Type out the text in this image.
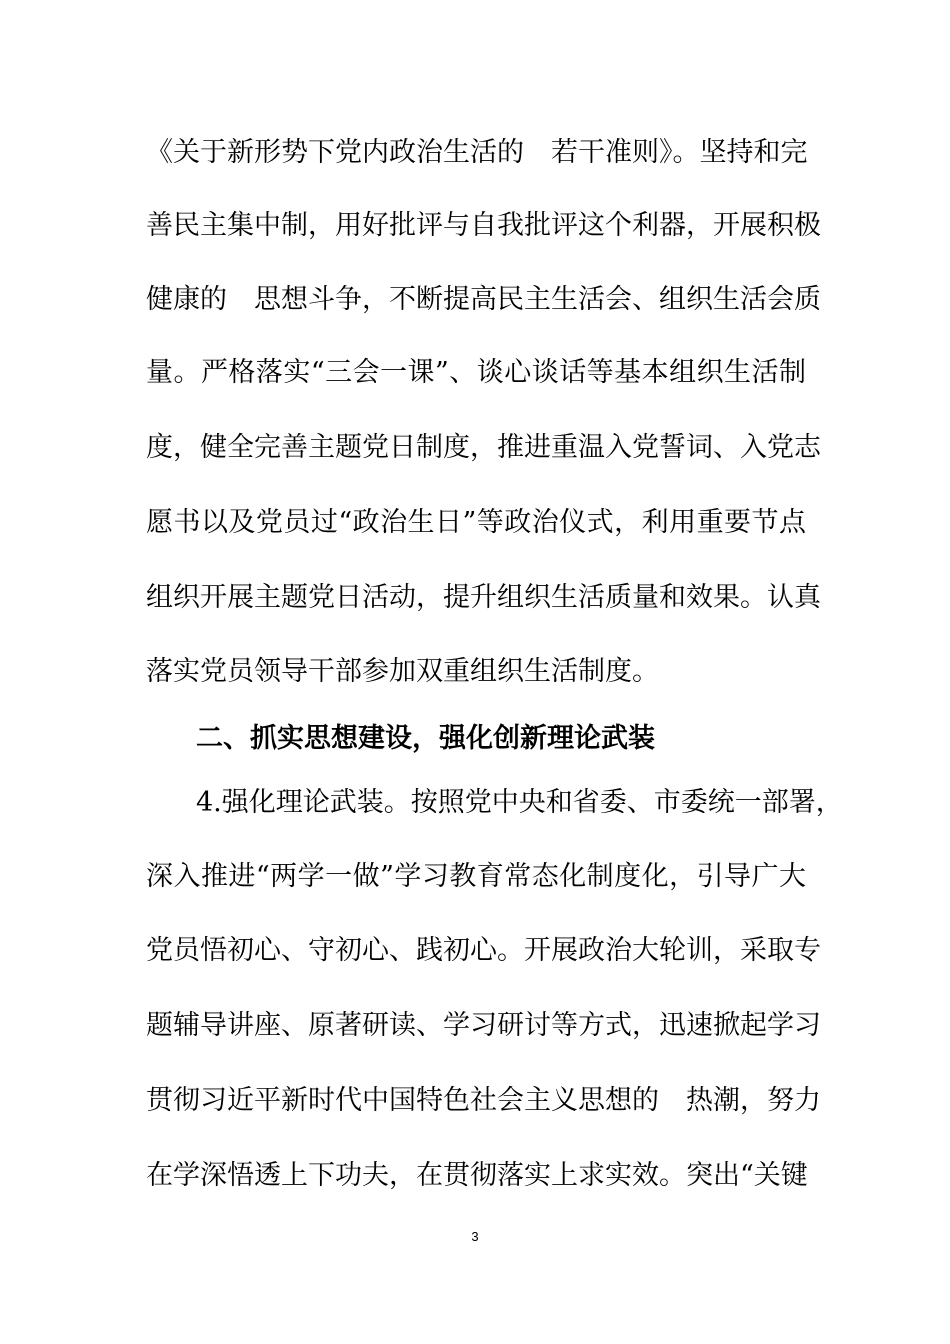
《关于新形势下党内政治生活的　若干准则》。坚持和完
善民主集中制，用好批评与自我批评这个利器，开展积极
健康的　思想斗争，不断提高民主生活会、组织生活会质
量。严格落实“三会一课”、谈心谈话等基本组织生活制
度，健全完善主题党日制度，推进重温入党誓词、入党志
愿书以及党员过“政治生日”等政治仪式，利用重要节点
组织开展主题党日活动，提升组织生活质量和效果。认真
落实党员领导干部参加双重组织生活制度。
二、抓实思想建设，强化创新理论武装
4.强化理论武装。按照党中央和省委、市委统一部署，
深入推进“两学一做”学习教育常态化制度化，引导广大
党员悟初心、守初心、践初心。开展政治大轮训，采取专
题辅导讲座、原著研读、学习研讨等方式，迅速掀起学习
贯彻习近平新时代中国特色社会主义思想的　热潮，努力
在学深悟透上下功夫，在贯彻落实上求实效。突出“关键
3
